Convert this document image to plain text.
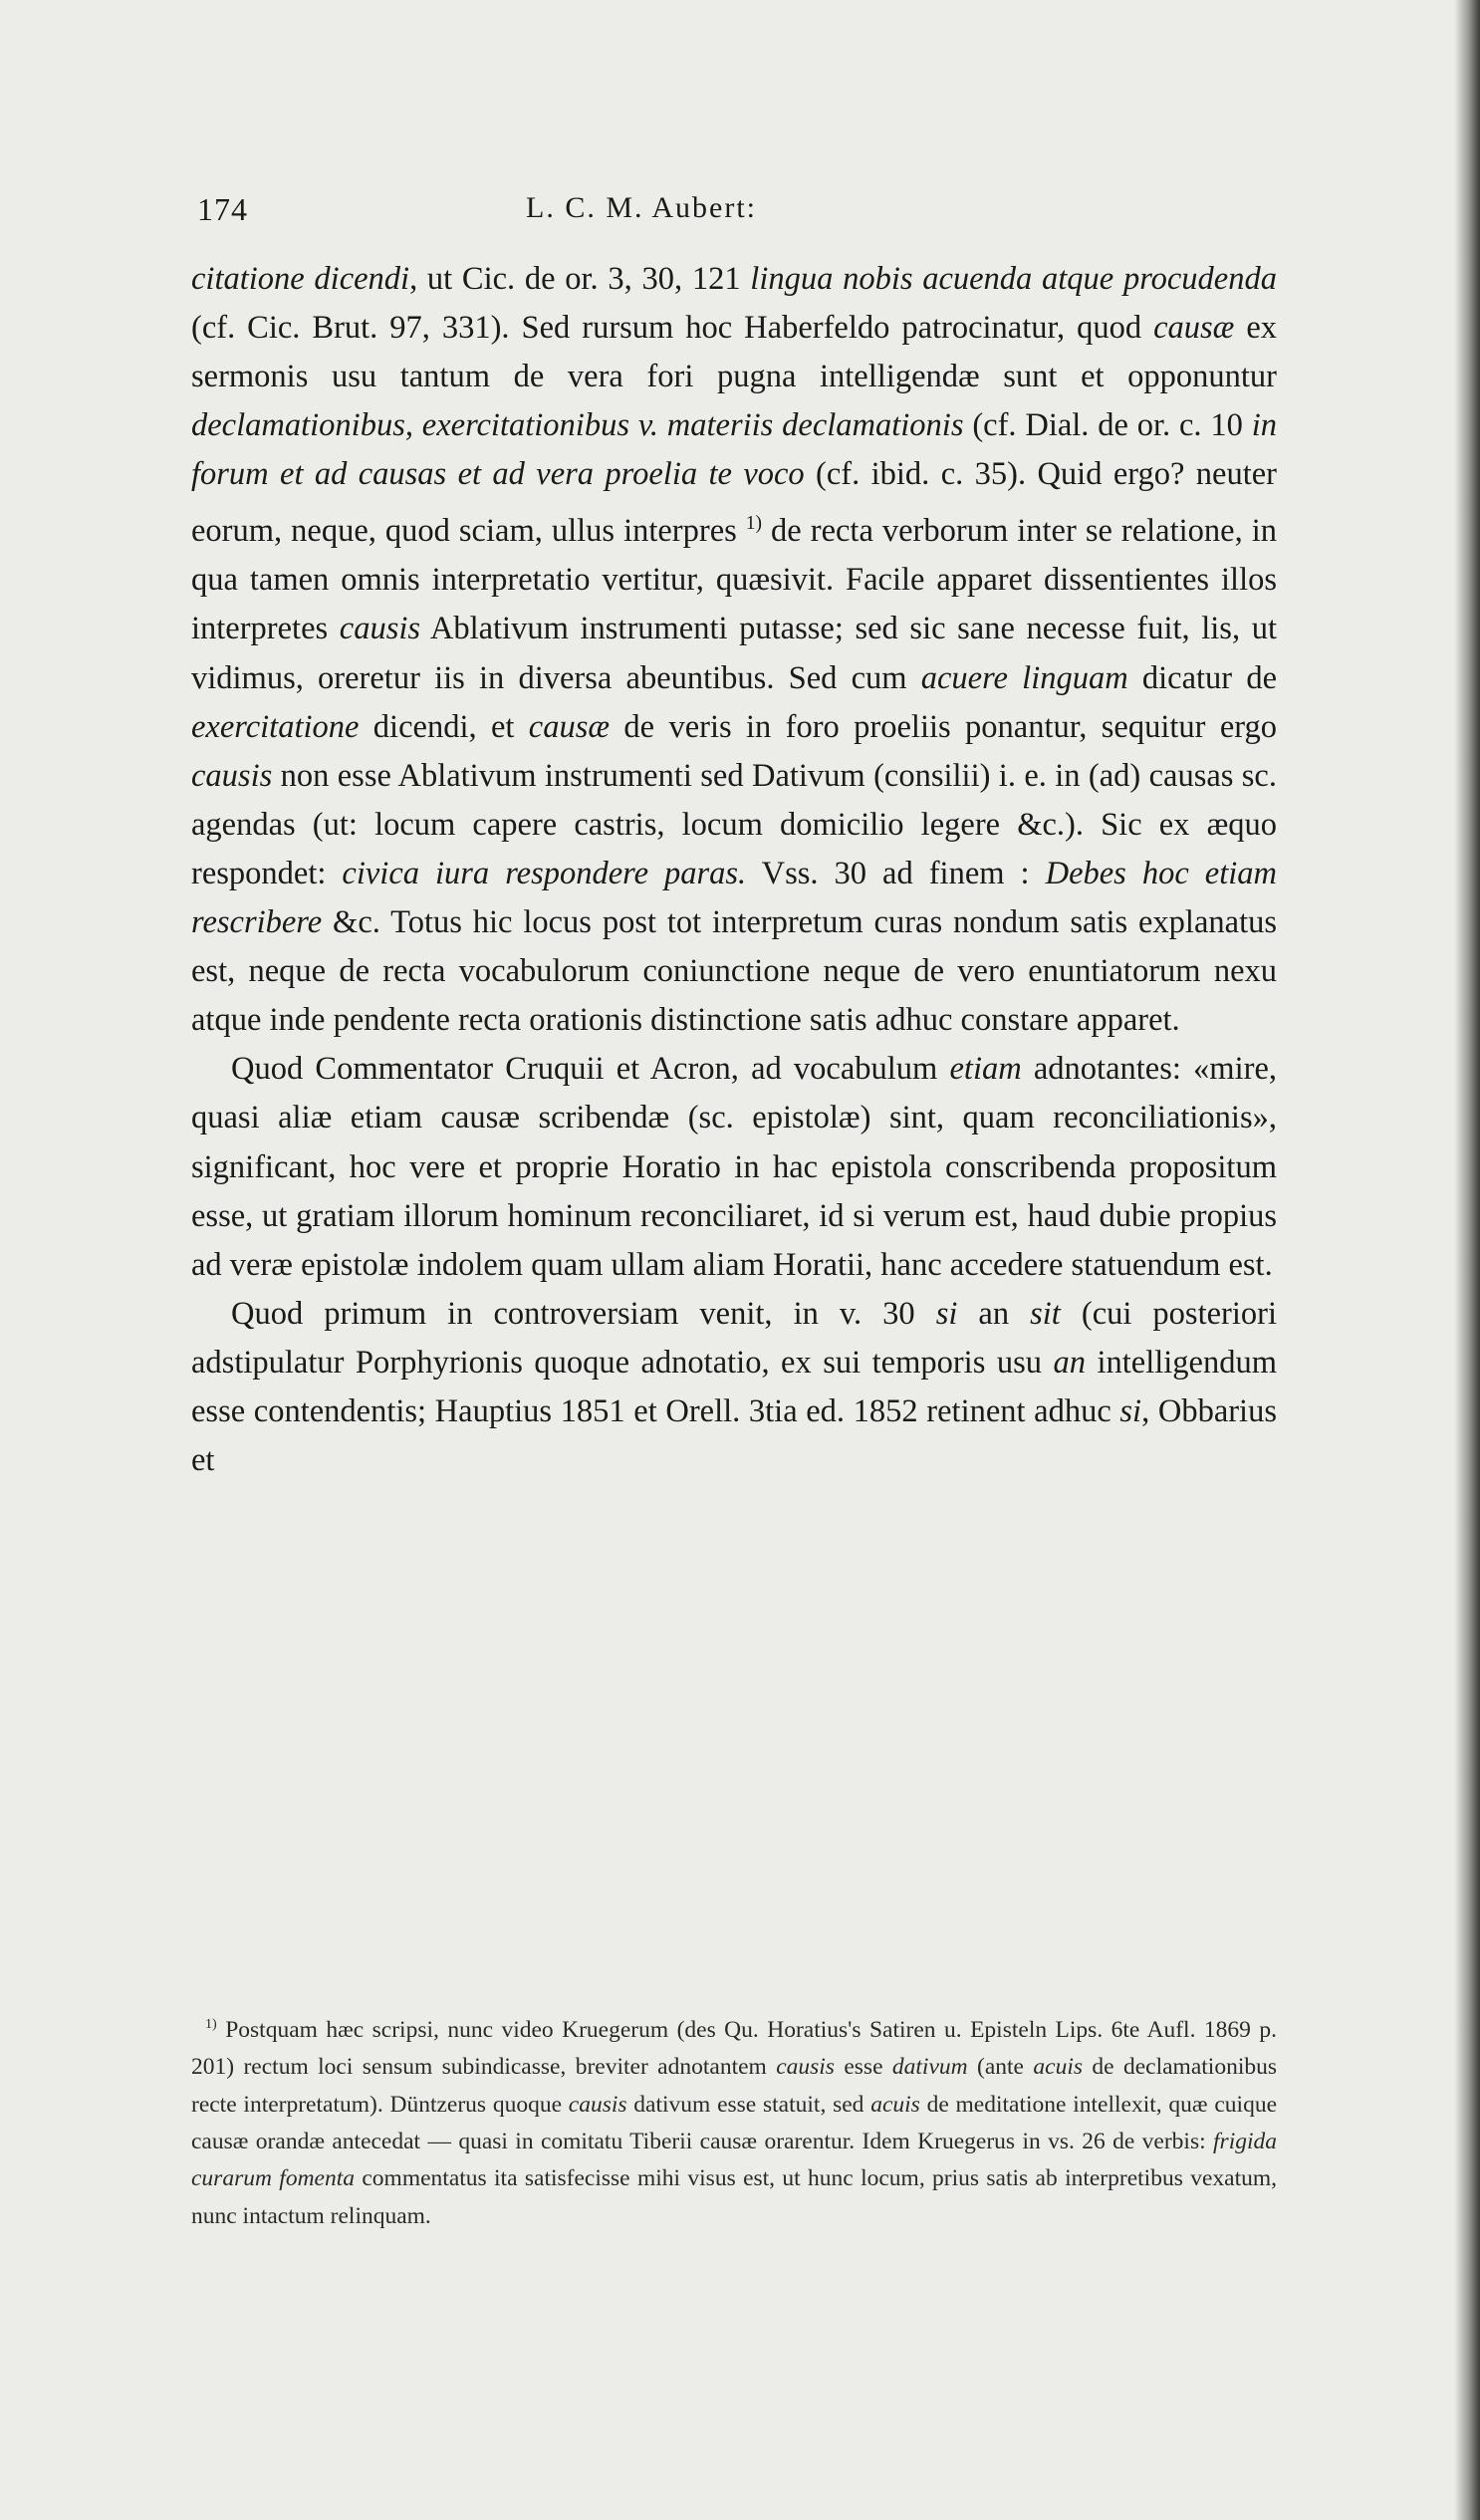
174	L. C. M. Aubert:

citatione dicendi, ut Cic. de or. 3, 30, 121 lingua nobis acuenda atque procudenda (cf. Cic. Brut. 97, 331). Sed rursum hoc Haberfeldo patrocinatur, quod causæ ex sermonis usu tantum de vera fori pugna intelligendæ sunt et opponuntur declamationibus, exercitationibus v. materiis declamationis (cf. Dial. de or. c. 10 in forum et ad causas et ad vera proelia te voco (cf. ibid. c. 35). Quid ergo? neuter eorum, neque, quod sciam, ullus interpres $^{1)}$ de recta verborum inter se relatione, in qua tamen omnis interpretatio vertitur, quæsivit. Facile apparet dissentientes illos interpretes causis Ablativum instrumenti putasse; sed sic sane necesse fuit, lis, ut vidimus, oreretur iis in diversa abeuntibus. Sed cum acuere linguam dicatur de exercitatione dicendi, et causæ de veris in foro proeliis ponantur, sequitur ergo causis non esse Ablativum instrumenti sed Dativum (consilii) i. e. in (ad) causas sc. agendas (ut: locum capere castris, locum domicilio legere &c.). Sic ex æquo respondet: civica iura respondere paras. Vss. 30 ad finem : Debes hoc etiam rescribere &c. Totus hic locus post tot interpretum curas nondum satis explanatus est, neque de recta vocabulorum coniunctione neque de vero enuntiatorum nexu atque inde pendente recta orationis distinctione satis adhuc constare apparet.

Quod Commentator Cruquii et Acron, ad vocabulum etiam adnotantes: «mire, quasi aliæ etiam causæ scribendæ (sc. epistolæ) sint, quam reconciliationis», significant, hoc vere et proprie Horatio in hac epistola conscribenda propositum esse, ut gratiam illorum hominum reconciliaret, id si verum est, haud dubie propius ad veræ epistolæ indolem quam ullam aliam Horatii, hanc accedere statuendum est.

Quod primum in controversiam venit, in v. 30 si an sit (cui posteriori adstipulatur Porphyrionis quoque adnotatio, ex sui temporis usu an intelligendum esse contendentis; Hauptius 1851 et Orell. 3tia ed. 1852 retinent adhuc si, Obbarius et

$^{1)}$ Postquam hæc scripsi, nunc video Kruegerum (des Qu. Horatius's Satiren u. Episteln Lips. 6te Aufl. 1869 p. 201) rectum loci sensum subindicasse, breviter adnotantem causis esse dativum (ante acuis de declamationibus recte interpretatum). Düntzerus quoque causis dativum esse statuit, sed acuis de meditatione intellexit, quæ cuique causæ orandæ antecedat — quasi in comitatu Tiberii causæ orarentur. Idem Kruegerus in vs. 26 de verbis: frigida curarum fomenta commentatus ita satisfecisse mihi visus est, ut hunc locum, prius satis ab interpretibus vexatum, nunc intactum relinquam.
